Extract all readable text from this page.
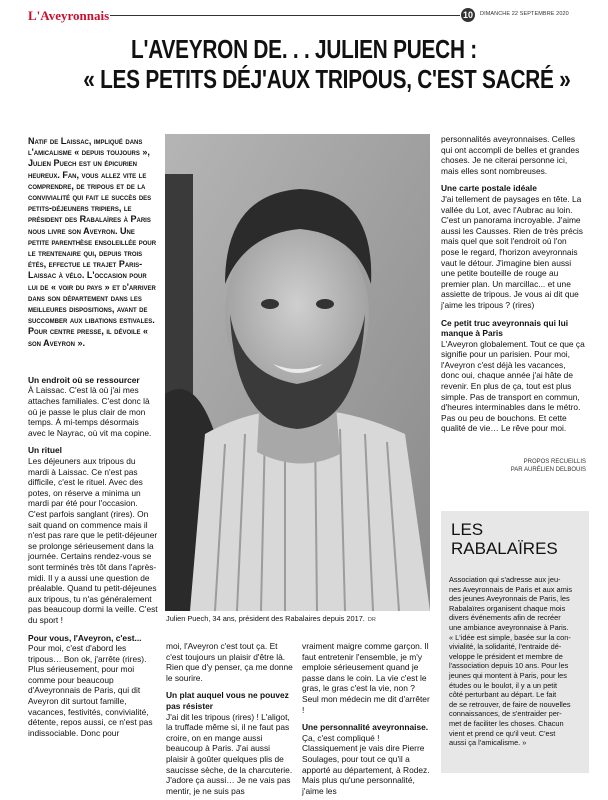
L'Aveyronnais	10	DIMANCHE 22 SEPTEMBRE 2020
L'AVEYRON DE. . . JULIEN PUECH :
« LES PETITS DÉJ'AUX TRIPOUS, C'EST SACRÉ »

Natif de Laissac, impliqué dans l'amicalisme « depuis toujours », Julien Puech est un épicurien heureux. Fan, vous allez vite le comprendre, de tripous et de la convivialité qui fait le succès des petits-déjeuners tripiers, le président des Rabalaïres à Paris nous livre son Aveyron. Une petite parenthèse ensoleillée pour le trentenaire qui, depuis trois étés, effectue le trajet Paris-Laissac à vélo. L'occasion pour lui de « voir du pays » et d'arriver dans son département dans les meilleures dispositions, avant de succomber aux libations estivales. Pour centre presse, il dévoile « son Aveyron ».

Un endroit où se ressourcer

À Laissac. C'est là où j'ai mes attaches familiales. C'est donc là où je passe le plus clair de mon temps. À mi-temps désormais avec le Nayrac, où vit ma copine.

Un rituel

Les déjeuners aux tripous du mardi à Laissac. Ce n'est pas difficile, c'est le rituel. Avec des potes, on réserve a minima un mardi par été pour l'occasion. C'est parfois sanglant (rires). On sait quand on commence mais il n'est pas rare que le petit-déjeuner se prolonge sérieusement dans la journée. Certains rendez-vous se sont terminés très tôt dans l'après-midi. Il y a aussi une question de préalable. Quand tu petit-déjeunes aux tripous, tu n'as généralement pas beaucoup dormi la veille. C'est du sport !

Pour vous, l'Aveyron, c'est...

Pour moi, c'est d'abord les tripous… Bon ok, j'arrête (rires). Plus sérieusement, pour moi comme pour beaucoup d'Aveyronnais de Paris, qui dit Aveyron dit surtout famille, vacances, festivités, convivialité, détente, repos aussi, ce n'est pas indissociable. Donc pour

Julien Puech, 34 ans, président des Rabalaires depuis 2017. DR

moi, l'Aveyron c'est tout ça. Et c'est toujours un plaisir d'être là. Rien que d'y penser, ça me donne le sourire.

Un plat auquel vous ne pouvez pas résister

J'ai dit les tripous (rires) ! L'aligot, la truffade même si, il ne faut pas croire, on en mange aussi beaucoup à Paris. J'ai aussi plaisir à goûter quelques plis de saucisse sèche, de la charcuterie. J'adore ça aussi… Je ne vais pas mentir, je ne suis pas

vraiment maigre comme garçon. Il faut entretenir l'ensemble, je m'y emploie sérieusement quand je passe dans le coin. La vie c'est le gras, le gras c'est la vie, non ? Seul mon médecin me dit d'arrêter !

Une personnalité aveyronnaise.

Ça, c'est compliqué ! Classiquement je vais dire Pierre Soulages, pour tout ce qu'il a apporté au département, à Rodez. Mais plus qu'une personnalité, j'aime les

personnalités aveyronnaises. Celles qui ont accompli de belles et grandes choses. Je ne citerai personne ici, mais elles sont nombreuses.

Une carte postale idéale

J'ai tellement de paysages en tête. La vallée du Lot, avec l'Aubrac au loin. C'est un panorama incroyable. J'aime aussi les Causses. Rien de très précis mais quel que soit l'endroit où l'on pose le regard, l'horizon aveyronnais vaut le détour. J'imagine bien aussi une petite bouteille de rouge au premier plan. Un marcillac... et une assiette de tripous. Je vous ai dit que j'aime les tripous ? (rires)

Ce petit truc aveyronnais qui lui manque à Paris

L'Aveyron globalement. Tout ce que ça signifie pour un parisien. Pour moi, l'Aveyron c'est déjà les vacances, donc oui, chaque année j'ai hâte de revenir. En plus de ça, tout est plus simple. Pas de transport en commun, d'heures interminables dans le métro. Pas ou peu de bouchons. Et cette qualité de vie… Le rêve pour moi.

PROPOS RECUEILLIS
PAR AURÉLIEN DELBOUIS
LES
RABALAÏRES
Association qui s'adresse aux jeu-
nes Aveyronnais de Paris et aux amis
des jeunes Aveyronnais de Paris, les
Rabalaïres organisent chaque mois
divers événements afin de recréer
une ambiance aveyronnaise à Paris.
« L'idée est simple, basée sur la con-
vivialité, la solidarité, l'entraide dé-
veloppe le président et membre de
l'association depuis 10 ans. Pour les
jeunes qui montent à Paris, pour les
études ou le boulot, il y a un petit
côté perturbant au départ. Le fait
de se retrouver, de faire de nouvelles
connaissances, de s'entraider per-
met de faciliter les choses. Chacun
vient et prend ce qu'il veut. C'est
aussi ça l'amicalisme. »
